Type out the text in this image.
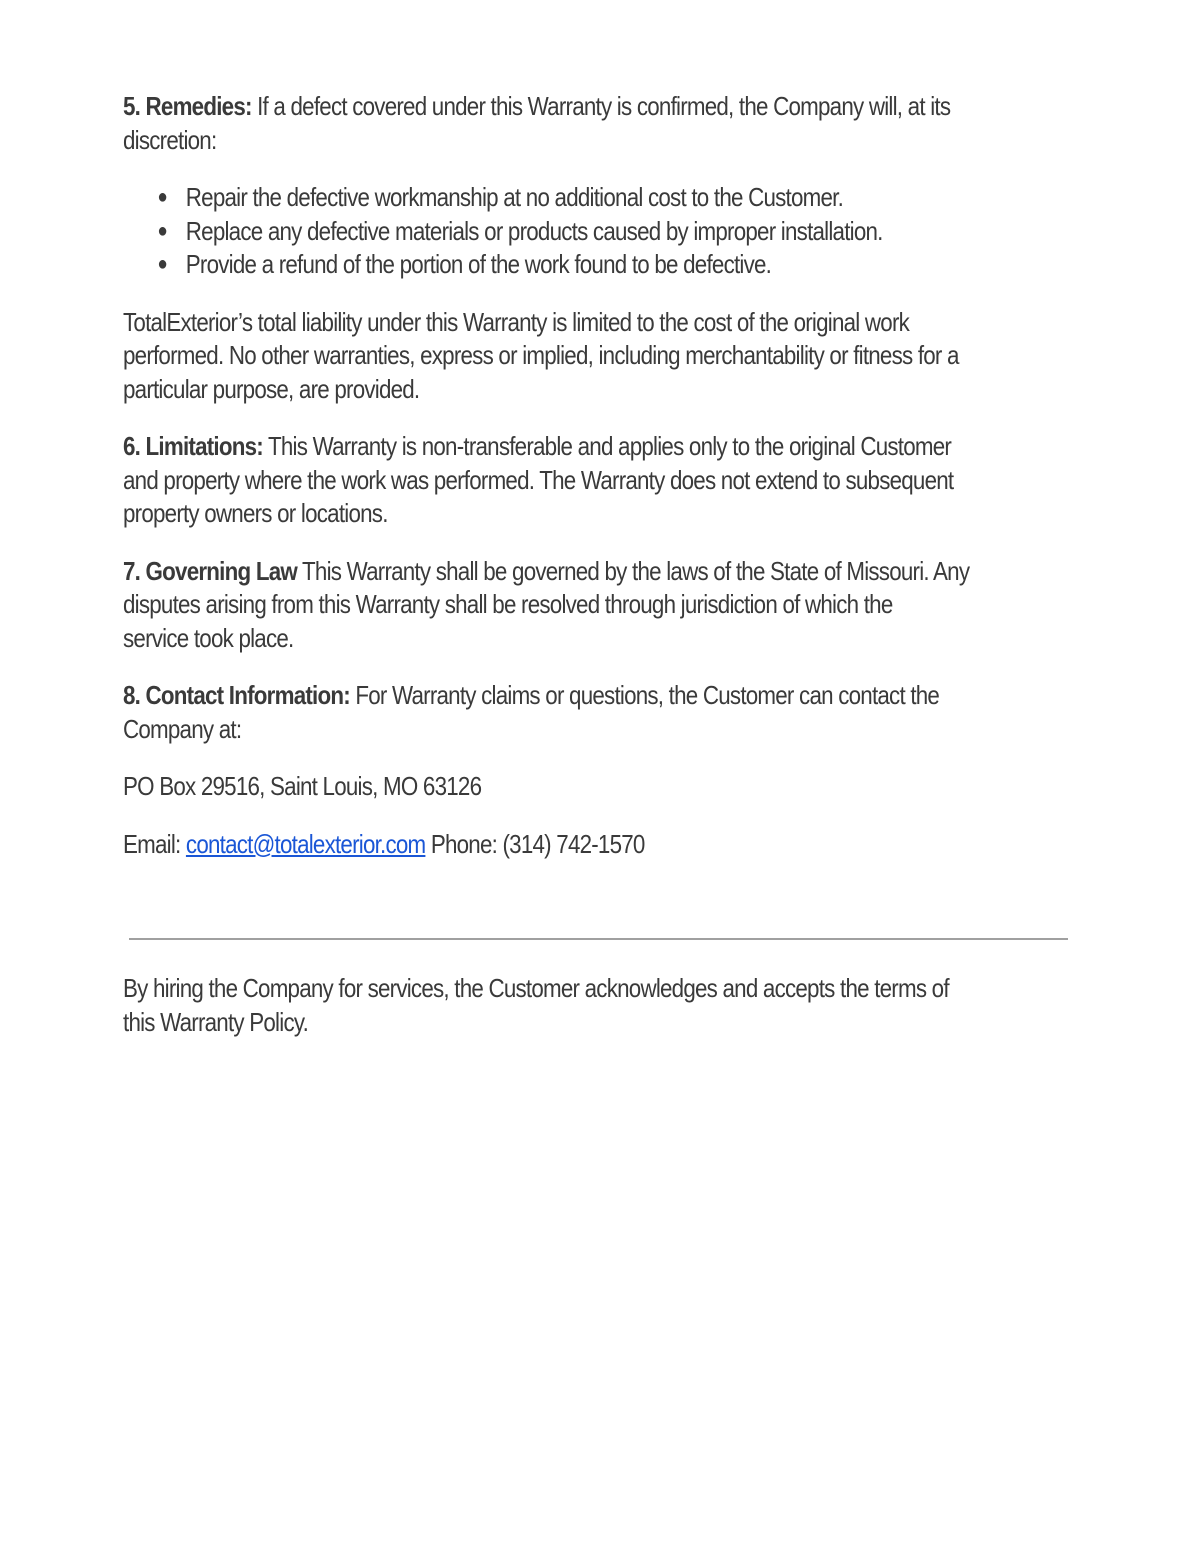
5. Remedies: If a defect covered under this Warranty is confirmed, the Company will, at its
discretion:
● Repair the defective workmanship at no additional cost to the Customer.
● Replace any defective materials or products caused by improper installation.
● Provide a refund of the portion of the work found to be defective.
TotalExterior’s total liability under this Warranty is limited to the cost of the original work
performed. No other warranties, express or implied, including merchantability or fitness for a
particular purpose, are provided.
6. Limitations: This Warranty is non-transferable and applies only to the original Customer
and property where the work was performed. The Warranty does not extend to subsequent
property owners or locations.
7. Governing Law This Warranty shall be governed by the laws of the State of Missouri. Any
disputes arising from this Warranty shall be resolved through jurisdiction of which the
service took place.
8. Contact Information: For Warranty claims or questions, the Customer can contact the
Company at:
PO Box 29516, Saint Louis, MO 63126
Email: contact@totalexterior.com Phone: (314) 742-1570
By hiring the Company for services, the Customer acknowledges and accepts the terms of
this Warranty Policy.
